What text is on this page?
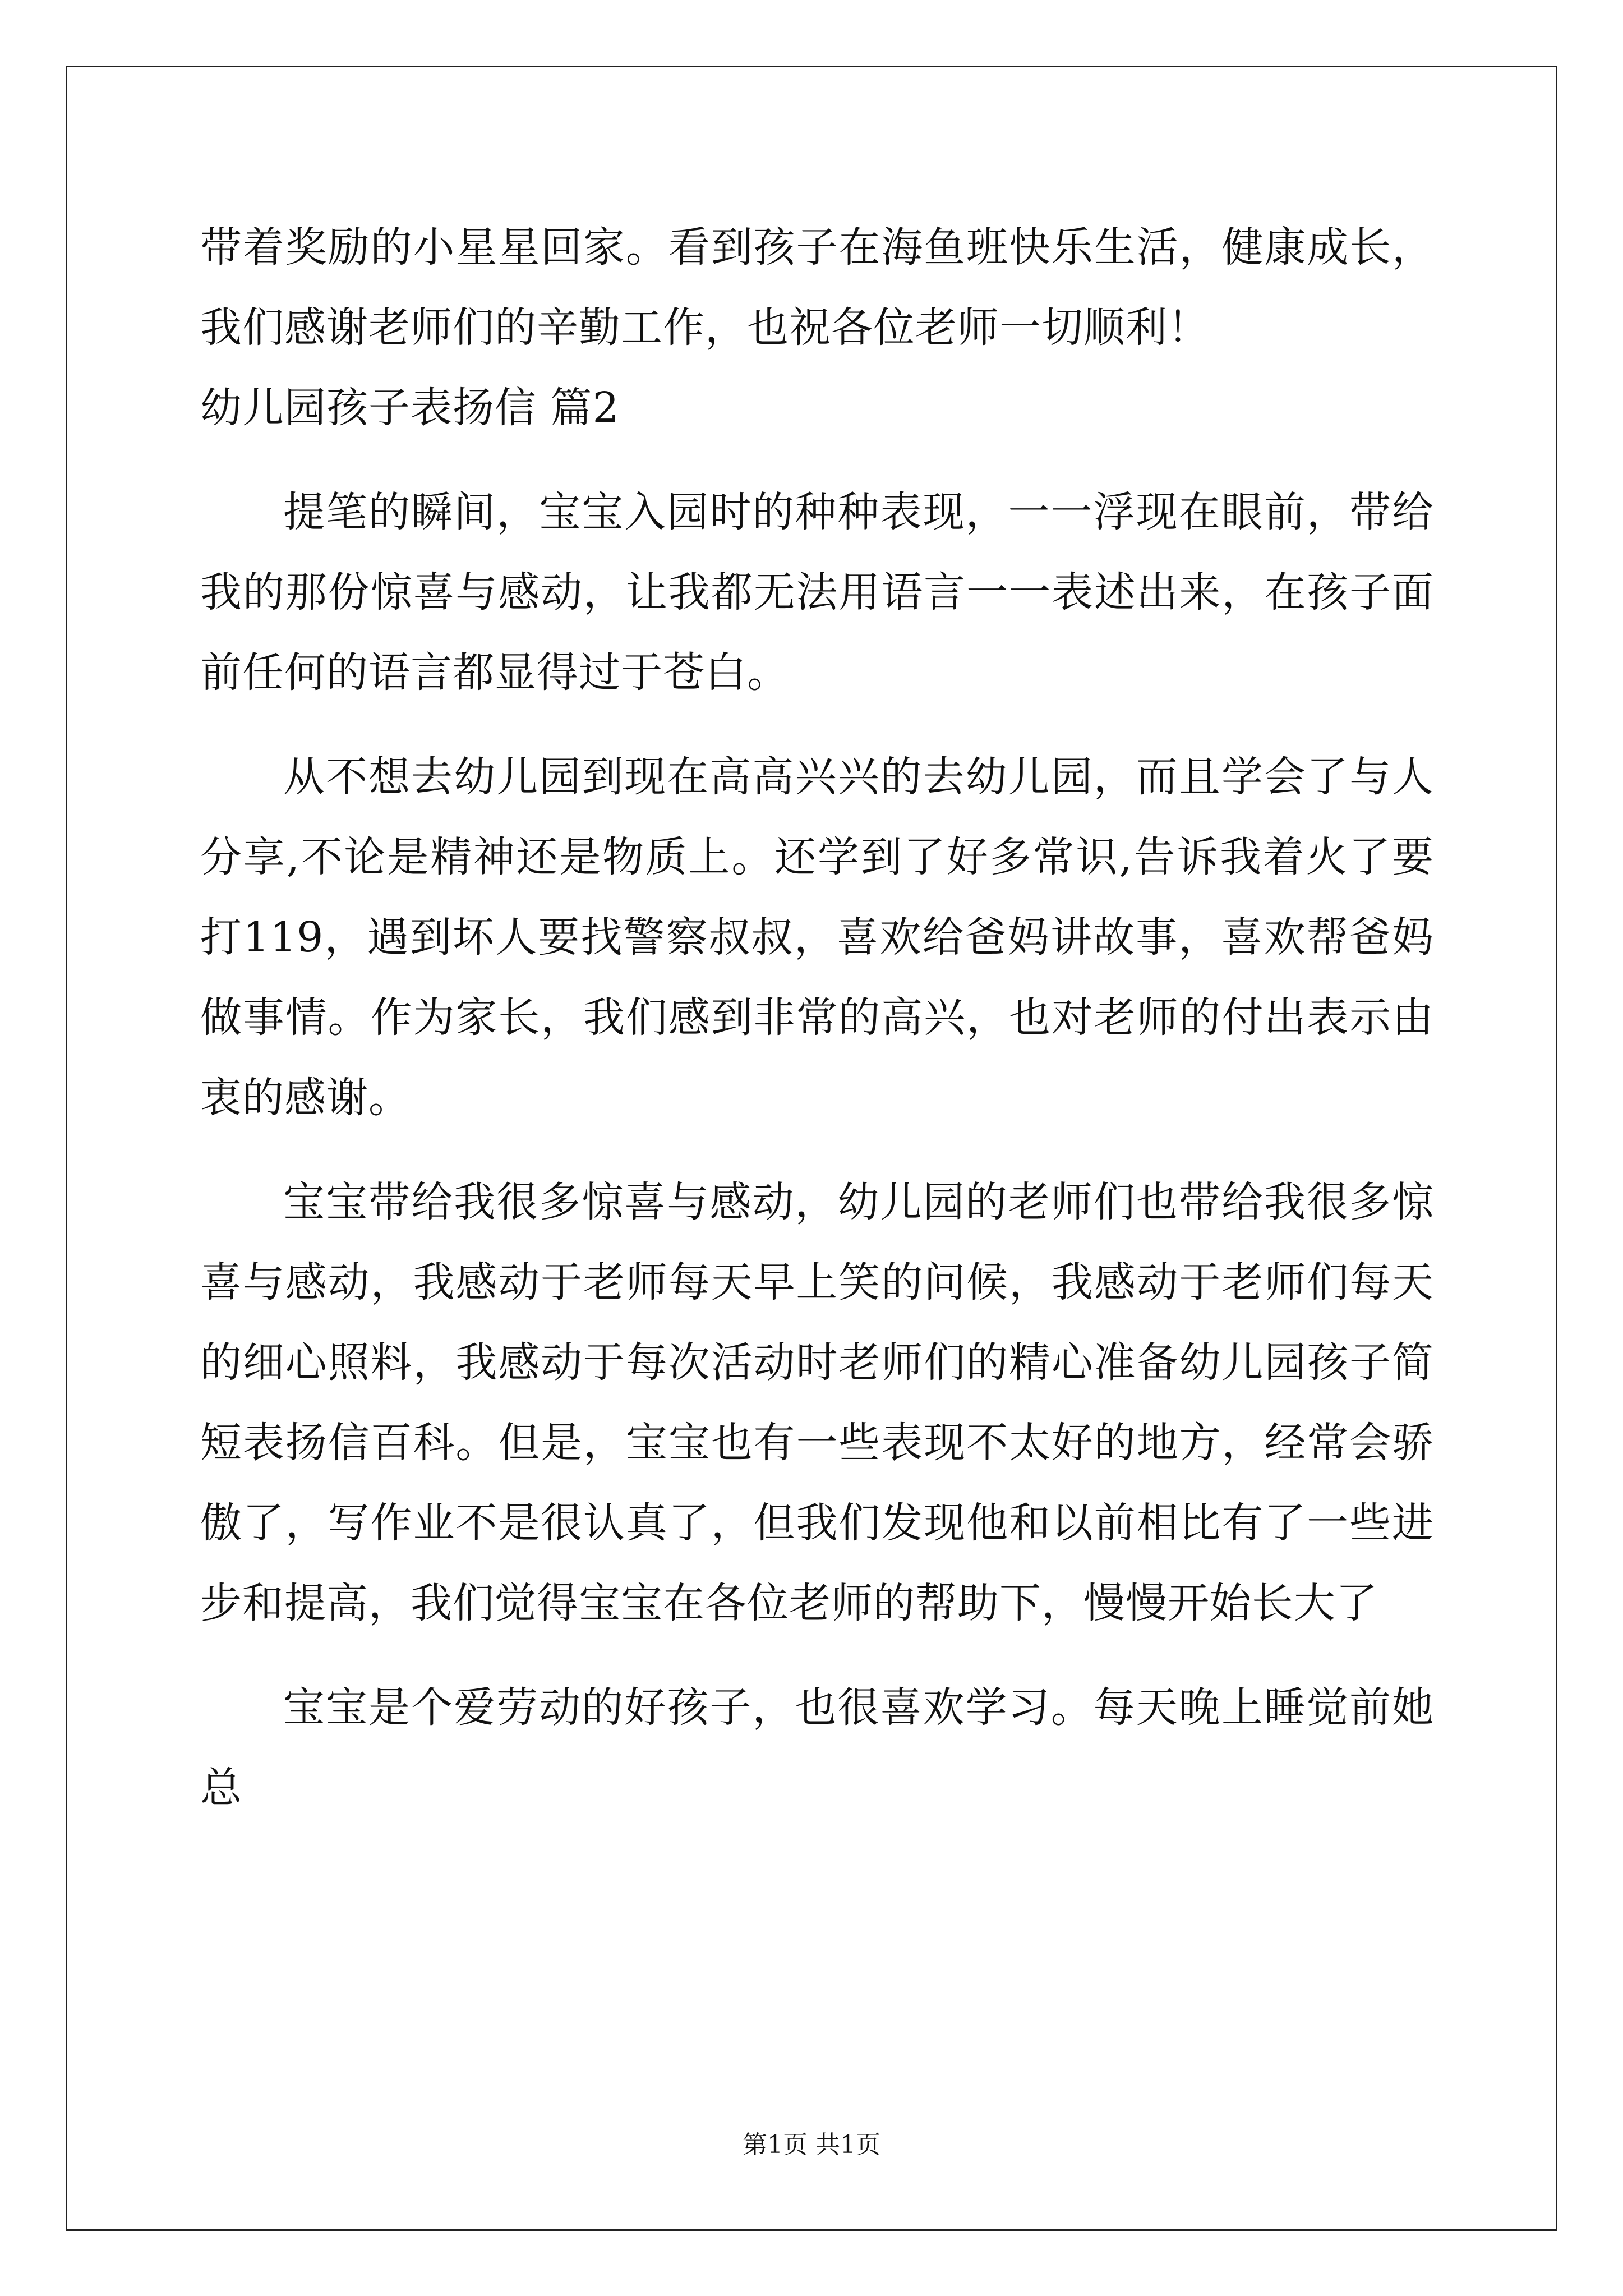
带着奖励的小星星回家。看到孩子在海鱼班快乐生活，健康成长，我们感谢老师们的辛勤工作，也祝各位老师一切顺利！

幼儿园孩子表扬信 篇2

提笔的瞬间，宝宝入园时的种种表现，一一浮现在眼前，带给我的那份惊喜与感动，让我都无法用语言一一表述出来，在孩子面前任何的语言都显得过于苍白。

从不想去幼儿园到现在高高兴兴的去幼儿园，而且学会了与人分享,不论是精神还是物质上。还学到了好多常识,告诉我着火了要打119，遇到坏人要找警察叔叔，喜欢给爸妈讲故事，喜欢帮爸妈做事情。作为家长，我们感到非常的高兴，也对老师的付出表示由衷的感谢。

宝宝带给我很多惊喜与感动，幼儿园的老师们也带给我很多惊喜与感动，我感动于老师每天早上笑的问候，我感动于老师们每天的细心照料，我感动于每次活动时老师们的精心准备幼儿园孩子简短表扬信百科。但是，宝宝也有一些表现不太好的地方，经常会骄傲了，写作业不是很认真了，但我们发现他和以前相比有了一些进步和提高，我们觉得宝宝在各位老师的帮助下，慢慢开始长大了

宝宝是个爱劳动的好孩子，也很喜欢学习。每天晚上睡觉前她总

第1页 共1页
